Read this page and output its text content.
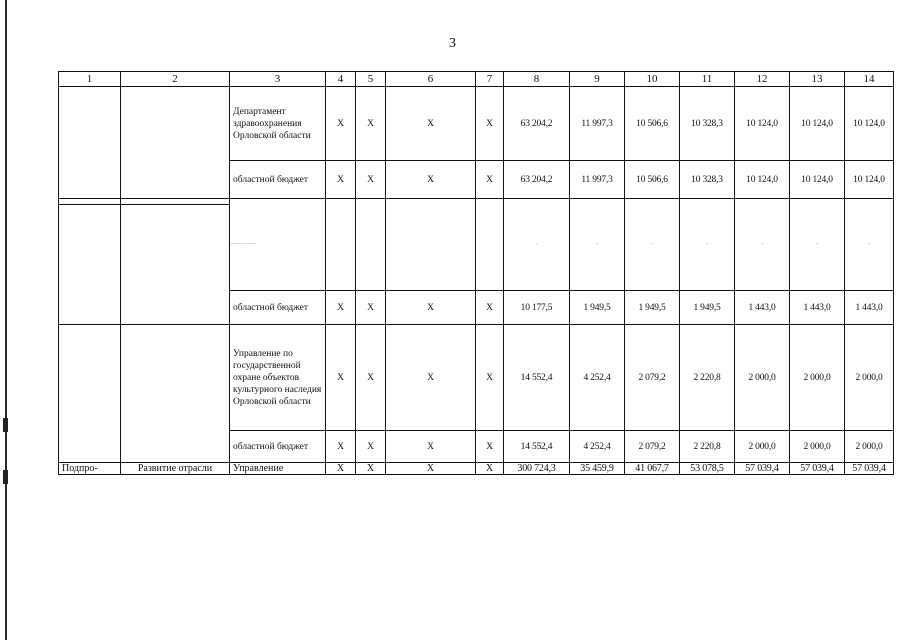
3
1	2	3	4	5	6	7	8	9	10	11	12	13	14
		Департамент здравоохранения Орловской области	X	X	X	X	63 204,2	11 997,3	10 506,6	10 328,3	10 124,0	10 124,0	10 124,0
		областной бюджет	X	X	X	X	63 204,2	11 997,3	10 506,6	10 328,3	10 124,0	10 124,0	10 124,0
		Департамент промышленности и торговли Орловской области	X	X	X	X	10 177,5	1 949,5	1 949,5	1 949,5	1 443,0	1 443,0	1 443,0

		областной бюджет	X	X	X	X	10 177,5	1 949,5	1 949,5	1 949,5	1 443,0	1 443,0	1 443,0
		Управление по государственной охране объектов культурного наследия Орловской области	X	X	X	X	14 552,4	4 252,4	2 079,2	2 220,8	2 000,0	2 000,0	2 000,0
		областной бюджет	X	X	X	X	14 552,4	4 252,4	2 079,2	2 220,8	2 000,0	2 000,0	2 000,0
Подпро-	Развитие отрасли	Управление	X	X	X	X	300 724,3	35 459,9	41 067,7	53 078,5	57 039,4	57 039,4	57 039,4
